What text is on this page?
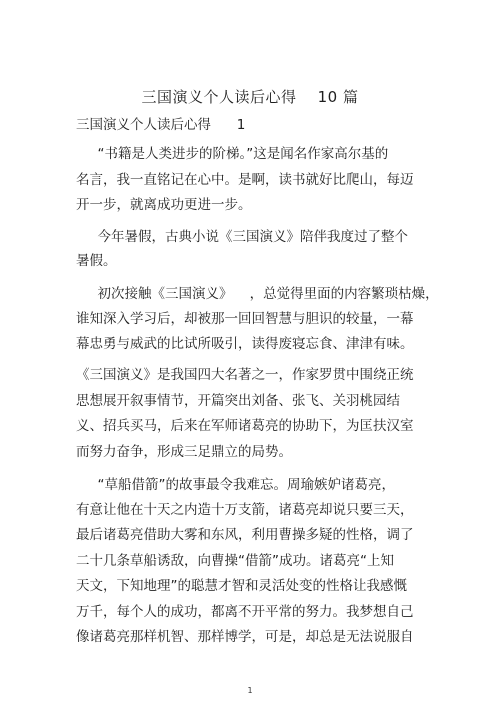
三国演义个人读后心得    10 篇
三国演义个人读后心得      1
“书籍是人类进步的阶梯。”这是闻名作家高尔基的
名言，我一直铭记在心中。是啊，读书就好比爬山，每迈
开一步，就离成功更进一步。
今年暑假，古典小说《三国演义》陪伴我度过了整个
暑假。
初次接触《三国演义》    ，总觉得里面的内容繁琐枯燥，
谁知深入学习后，却被那一回回智慧与胆识的较量，一幕
幕忠勇与威武的比试所吸引，读得废寝忘食、津津有味。
《三国演义》是我国四大名著之一，作家罗贯中围绕正统
思想展开叙事情节，开篇突出刘备、张飞、关羽桃园结
义、招兵买马，后来在军师诸葛亮的协助下，为匡扶汉室
而努力奋争，形成三足鼎立的局势。
“草船借箭”的故事最令我难忘。周瑜嫉妒诸葛亮，
有意让他在十天之内造十万支箭，诸葛亮却说只要三天，
最后诸葛亮借助大雾和东风，利用曹操多疑的性格，调了
二十几条草船诱敌，向曹操“借箭”成功。诸葛亮“上知
天文，下知地理”的聪慧才智和灵活处变的性格让我感慨
万千，每个人的成功，都离不开平常的努力。我梦想自己
像诸葛亮那样机智、那样博学，可是，却总是无法说服自
1
